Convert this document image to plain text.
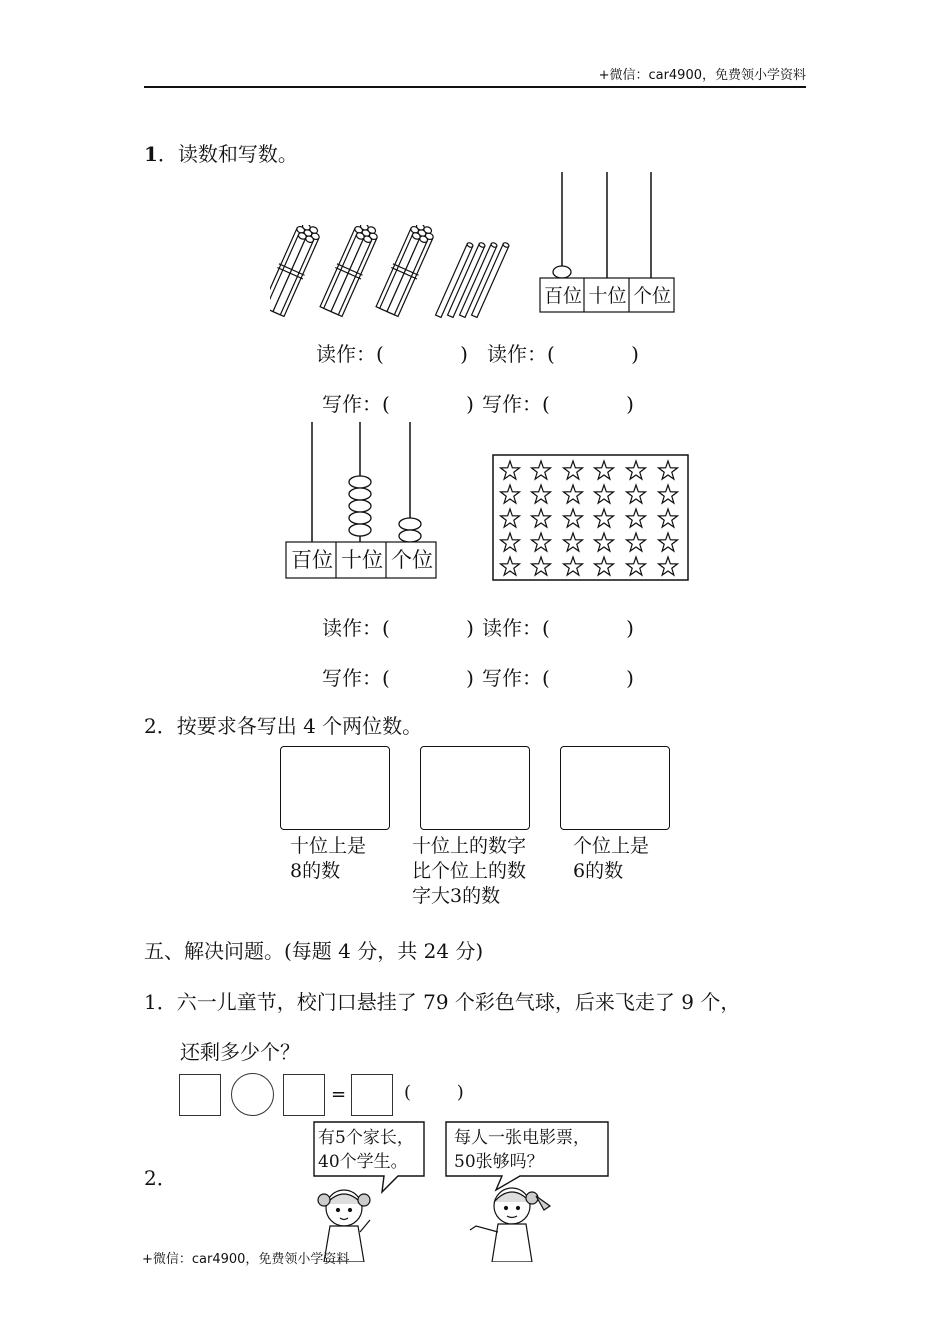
+微信：car4900，免费领小学资料
1．读数和写数。
百位 十位 个位
读作：(            ) 读作：(            )
写作：(            ) 写作：(            )
百位 十位 个位
读作：(            ) 读作：(            )
写作：(            ) 写作：(            )
2．按要求各写出 4 个两位数。
十位上是
8的数
十位上的数字
比个位上的数
字大3的数
个位上是
6的数
五、解决问题。(每题 4 分，共 24 分)
1．六一儿童节，校门口悬挂了 79 个彩色气球，后来飞走了 9 个，
还剩多少个？
=	(        )
2．
有5个家长，
40个学生。
每人一张电影票，
50张够吗？
+微信：car4900，免费领小学资料
